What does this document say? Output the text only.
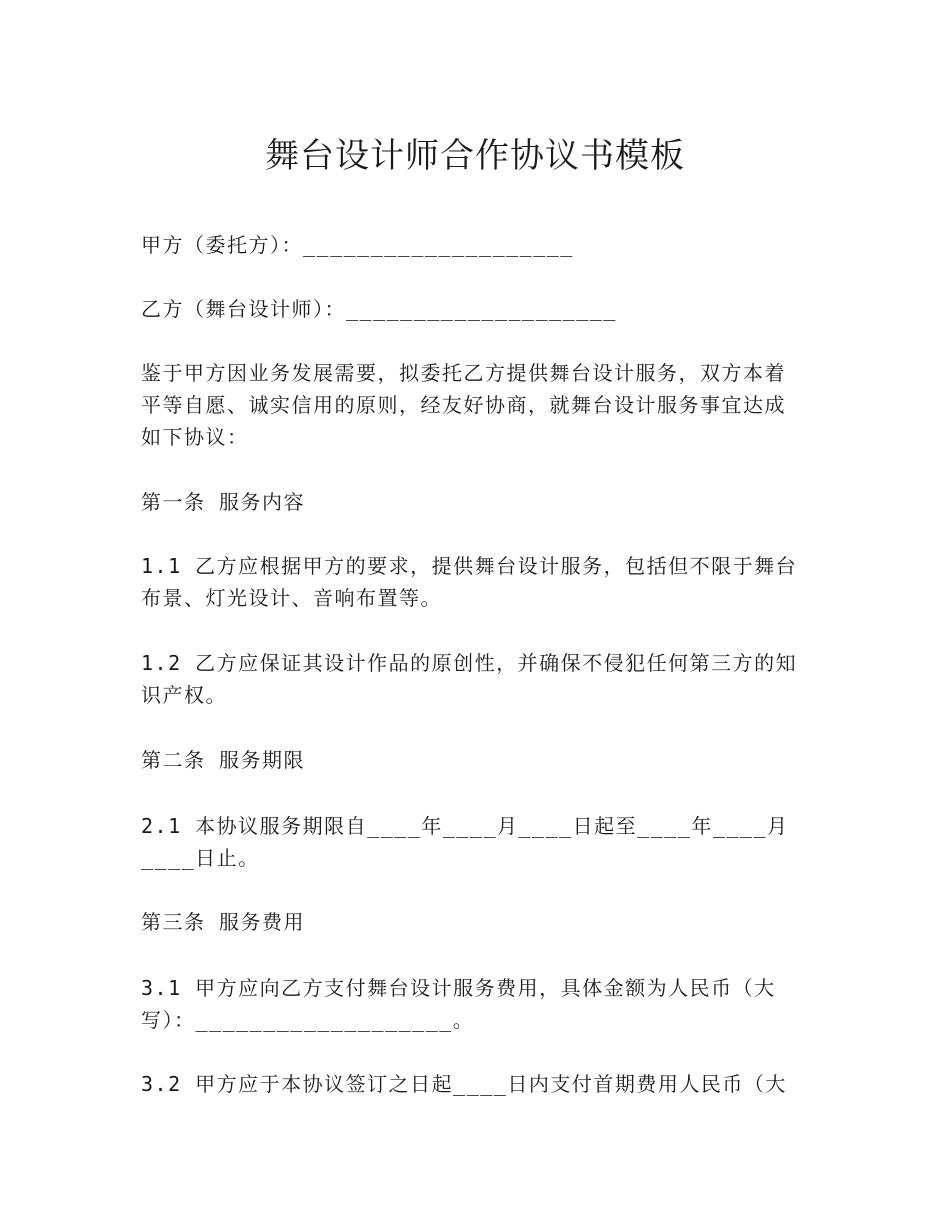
舞台设计师合作协议书模板
甲方（委托方）：____________________
乙方（舞台设计师）：____________________
鉴于甲方因业务发展需要，拟委托乙方提供舞台设计服务，双方本着平等自愿、诚实信用的原则，经友好协商，就舞台设计服务事宜达成如下协议：
第一条 服务内容
1.1 乙方应根据甲方的要求，提供舞台设计服务，包括但不限于舞台布景、灯光设计、音响布置等。
1.2 乙方应保证其设计作品的原创性，并确保不侵犯任何第三方的知识产权。
第二条 服务期限
2.1 本协议服务期限自____年____月____日起至____年____月____日止。
第三条 服务费用
3.1 甲方应向乙方支付舞台设计服务费用，具体金额为人民币（大写）：___________________。
3.2 甲方应于本协议签订之日起____日内支付首期费用人民币（大
